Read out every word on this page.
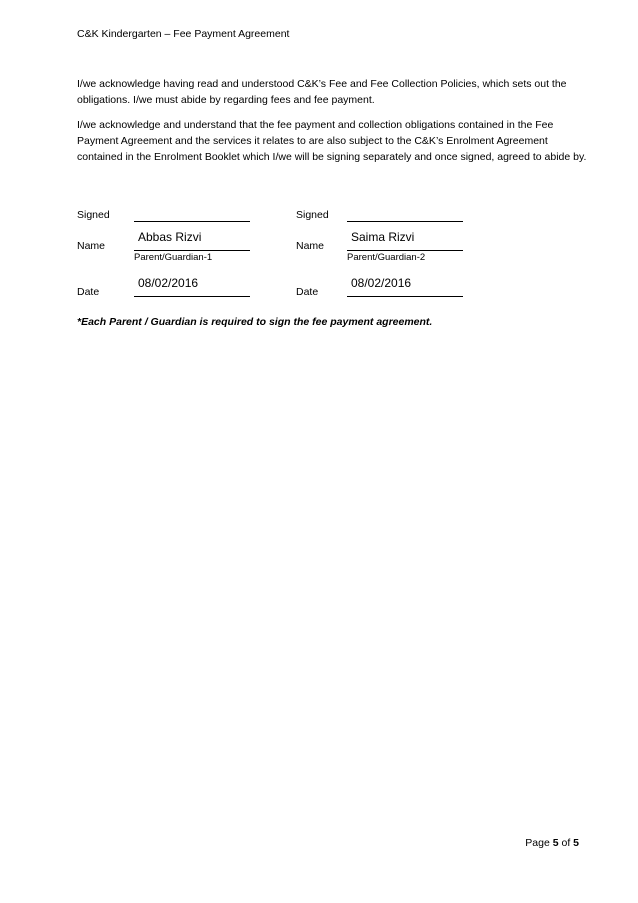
C&K Kindergarten – Fee Payment Agreement

I/we acknowledge having read and understood C&K’s Fee and Fee Collection Policies, which sets out the obligations. I/we must abide by regarding fees and fee payment.

I/we acknowledge and understand that the fee payment and collection obligations contained in the Fee Payment Agreement and the services it relates to are also subject to the C&K’s Enrolment Agreement contained in the Enrolment Booklet which I/we will be signing separately and once signed, agreed to abide by.

Signed
Name
Abbas Rizvi
Parent/Guardian-1
Date
08/02/2016
Signed
Name
Saima Rizvi
Parent/Guardian-2
Date
08/02/2016
*Each Parent / Guardian is required to sign the fee payment agreement.
Page 5 of 5
